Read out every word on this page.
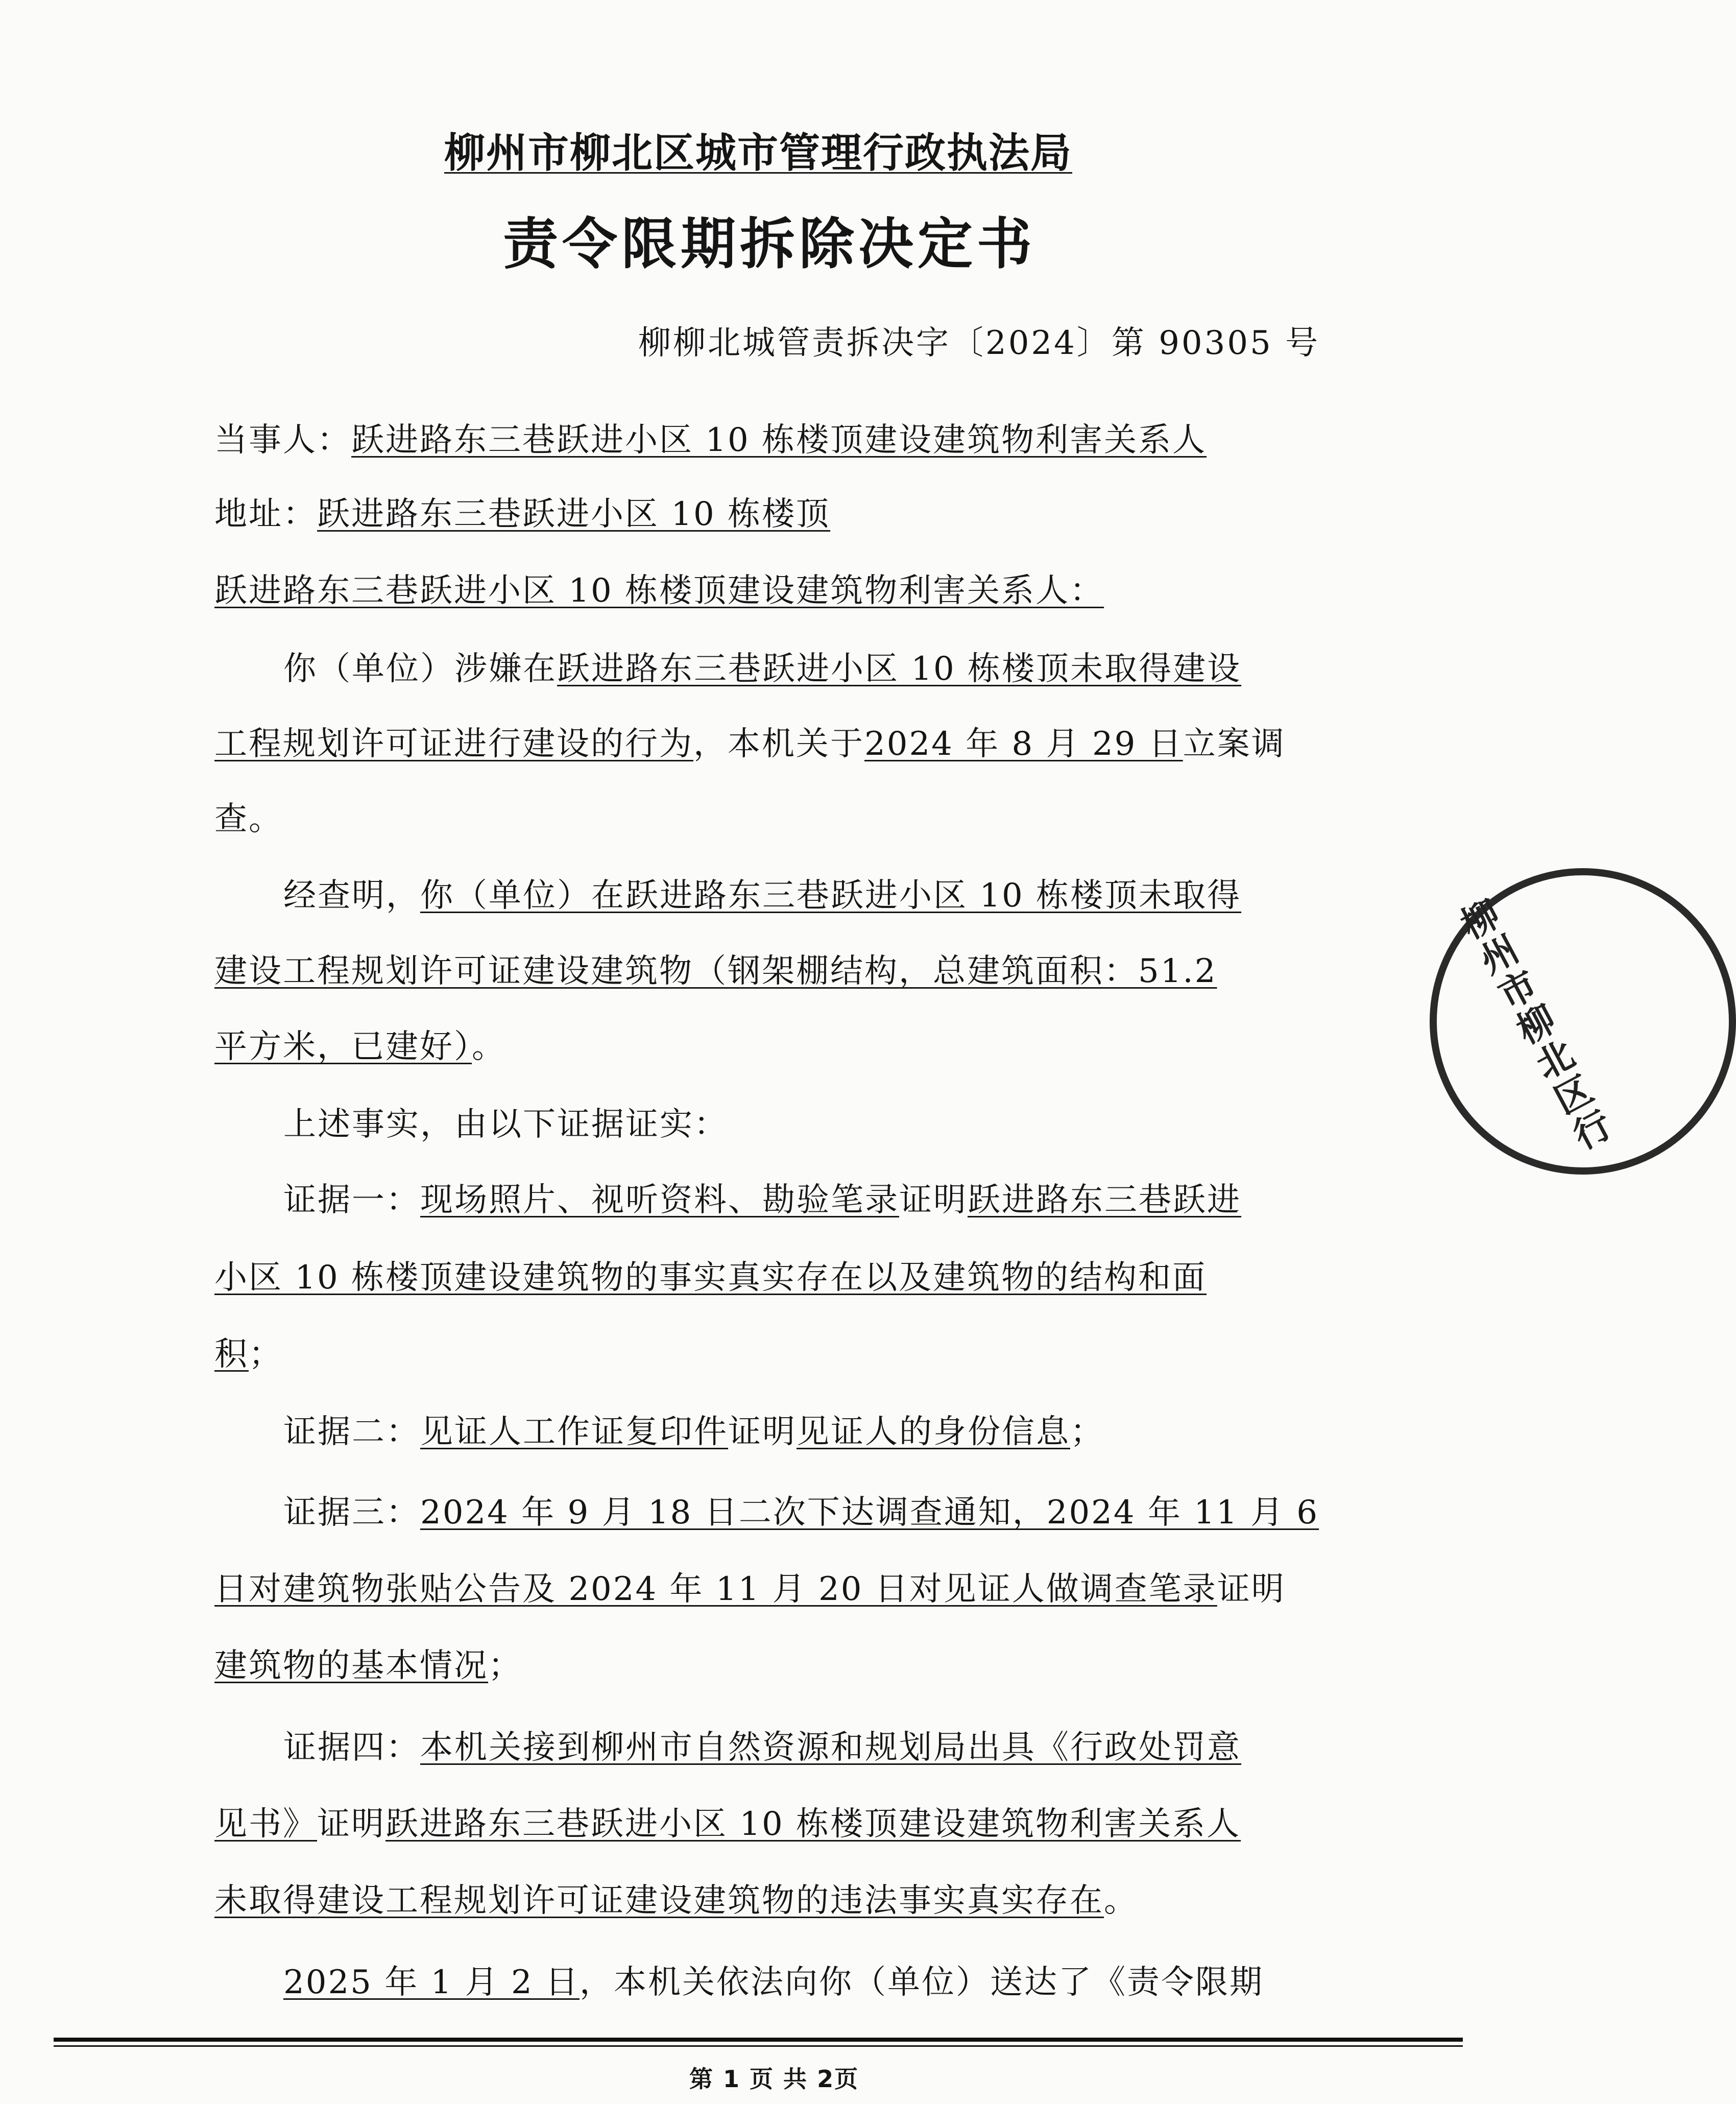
柳州市柳北区城市管理行政执法局
责令限期拆除决定书
柳柳北城管责拆决字〔2024〕第 90305 号
当事人：跃进路东三巷跃进小区 10 栋楼顶建设建筑物利害关系人
地址：跃进路东三巷跃进小区 10 栋楼顶
跃进路东三巷跃进小区 10 栋楼顶建设建筑物利害关系人：
你（单位）涉嫌在跃进路东三巷跃进小区 10 栋楼顶未取得建设
工程规划许可证进行建设的行为，本机关于2024 年 8 月 29 日立案调
查。
经查明，你（单位）在跃进路东三巷跃进小区 10 栋楼顶未取得
建设工程规划许可证建设建筑物（钢架棚结构，总建筑面积：51.2
平方米，已建好）。
上述事实，由以下证据证实：
证据一：现场照片、视听资料、勘验笔录证明跃进路东三巷跃进
小区 10 栋楼顶建设建筑物的事实真实存在以及建筑物的结构和面
积；
证据二：见证人工作证复印件证明见证人的身份信息；
证据三：2024 年 9 月 18 日二次下达调查通知，2024 年 11 月 6
日对建筑物张贴公告及 2024 年 11 月 20 日对见证人做调查笔录证明
建筑物的基本情况；
证据四：本机关接到柳州市自然资源和规划局出具《行政处罚意
见书》证明跃进路东三巷跃进小区 10 栋楼顶建设建筑物利害关系人
未取得建设工程规划许可证建设建筑物的违法事实真实存在。
2025 年 1 月 2 日，本机关依法向你（单位）送达了《责令限期
柳州市柳北区行
第 1 页 共 2页
